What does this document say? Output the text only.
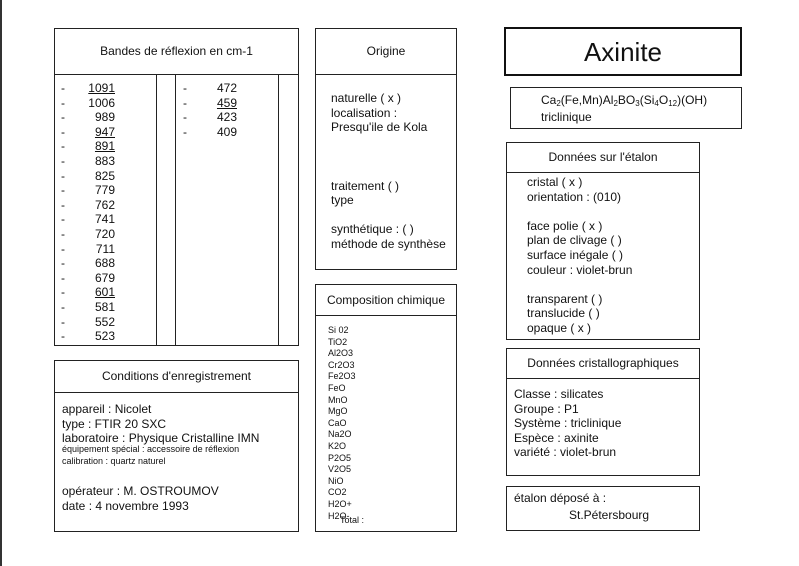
Bandes de réflexion en cm-1
- 1091
- 1006
- 989
- 947
- 891
- 883
- 825
- 779
- 762
- 741
- 720
-	711
- 688
- 679
- 601
- 581
- 552
- 523
- 472
- 459
- 423
- 409
Origine
naturelle ( x )
localisation :
Presqu'ile de Kola
traitement ( )
type
synthétique : ( )
méthode de synthèse
Composition chimique
Si 02
TiO2
Al2O3
Cr2O3
Fe2O3
FeO
MnO
MgO
CaO
Na2O
K2O
P2O5
V2O5
NiO
CO2
H2O+
H2O-
Total :
Axinite
$Ca_2(Fe,Mn)Al_2BO_3(Si_4O_{12})(OH)$
triclinique
Données sur l'étalon
cristal ( x )
orientation : (010)
face polie ( x )
plan de clivage ( )
surface inégale ( )
couleur : violet-brun
transparent ( )
translucide ( )
opaque ( x )
Données cristallographiques
Classe : silicates
Groupe : P1
Système : triclinique
Espèce : axinite
variété : violet-brun
étalon déposé à :
St.Pétersbourg
Conditions d'enregistrement
appareil : Nicolet
type : FTIR 20 SXC
laboratoire : Physique Cristalline IMN
équipement spécial : accessoire de réflexion
calibration : quartz naturel
opérateur : M. OSTROUMOV
date : 4 novembre 1993
